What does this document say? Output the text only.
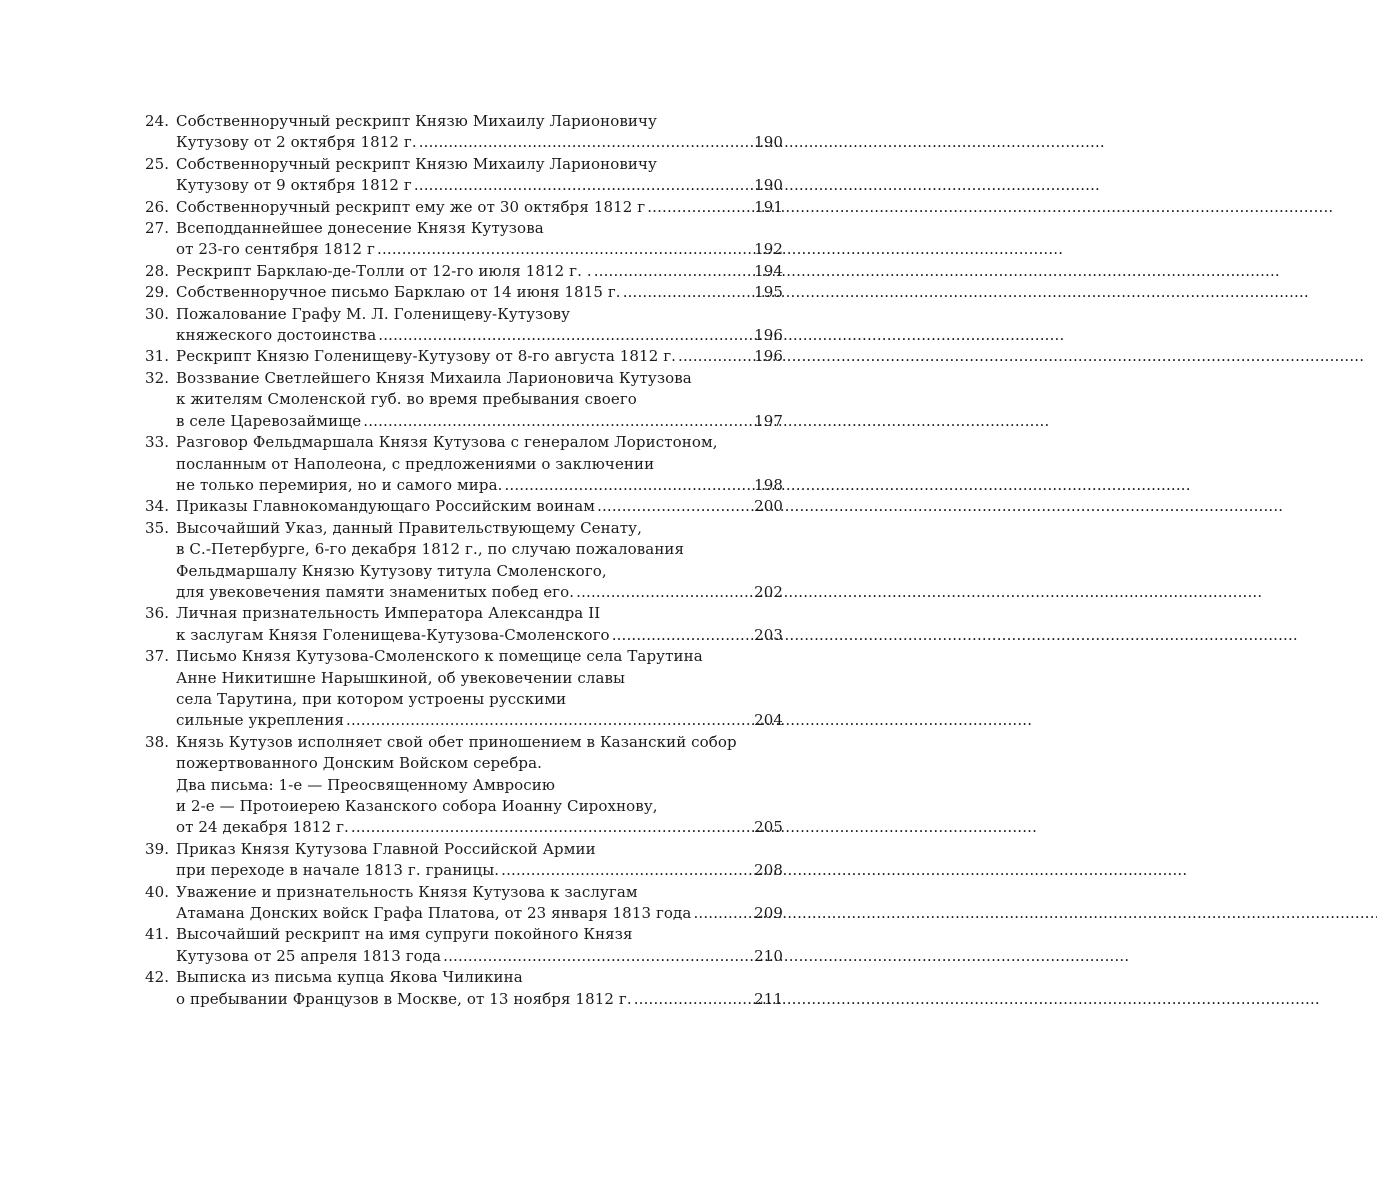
24. Собственноручный рескрипт Князю Михаилу Ларионовичу
Кутузову от 2 октября 1812 г. . . .	190
25. Собственноручный рескрипт Князю Михаилу Ларионовичу
Кутузову от 9 октября 1812 г . . .	190
26. Собственноручный рескрипт ему же от 30 октября 1812 г . . .	191
27. Всеподданнейшее донесение Князя Кутузова
от 23-го сентября 1812 г . . .	192
28. Рескрипт Барклаю-де-Толли от 12-го июля 1812 г. . . . .	194
29. Собственноручное письмо Барклаю от 14 июня 1815 г. . . .	195
30. Пожалование Графу М. Л. Голенищеву-Кутузову
княжеского достоинства . . .	196
31. Рескрипт Князю Голенищеву-Кутузову от 8-го августа 1812 г. . . .	196
32. Воззвание Светлейшего Князя Михаила Ларионовича Кутузова
к жителям Смоленской губ. во время пребывания своего
в селе Царевозаймище . . .	197
33. Разговор Фельдмаршала Князя Кутузова с генералом Лористоном,
посланным от Наполеона, с предложениями о заключении
не только перемирия, но и самого мира. . . .	198
34. Приказы Главнокомандующаго Российским воинам . . .	200
35. Высочайший Указ, данный Правительствующему Сенату,
в С.-Петербурге, 6-го декабря 1812 г., по случаю пожалования
Фельдмаршалу Князю Кутузову титула Смоленского,
для увековечения памяти знаменитых побед его. . . .	202
36. Личная признательность Императора Александра II
к заслугам Князя Голенищева-Кутузова-Смоленского . . .	203
37. Письмо Князя Кутузова-Смоленского к помещице села Тарутина
Анне Никитишне Нарышкиной, об увековечении славы
села Тарутина, при котором устроены русскими
сильные укрепления . . .	204
38. Князь Кутузов исполняет свой обет приношением в Казанский собор
пожертвованного Донским Войском серебра.
Два письма: 1-е — Преосвященному Амвросию
и 2-е — Протоиерею Казанского собора Иоанну Сирохнову,
от 24 декабря 1812 г. . . .	205
39. Приказ Князя Кутузова Главной Российской Армии
при переходе в начале 1813 г. границы. . . .	208
40. Уважение и признательность Князя Кутузова к заслугам
Атамана Донских войск Графа Платова, от 23 января 1813 года . . .	209
41. Высочайший рескрипт на имя супруги покойного Князя
Кутузова от 25 апреля 1813 года . . .	210
42. Выписка из письма купца Якова Чиликина
о пребывании Французов в Москве, от 13 ноября 1812 г. . . .	211
